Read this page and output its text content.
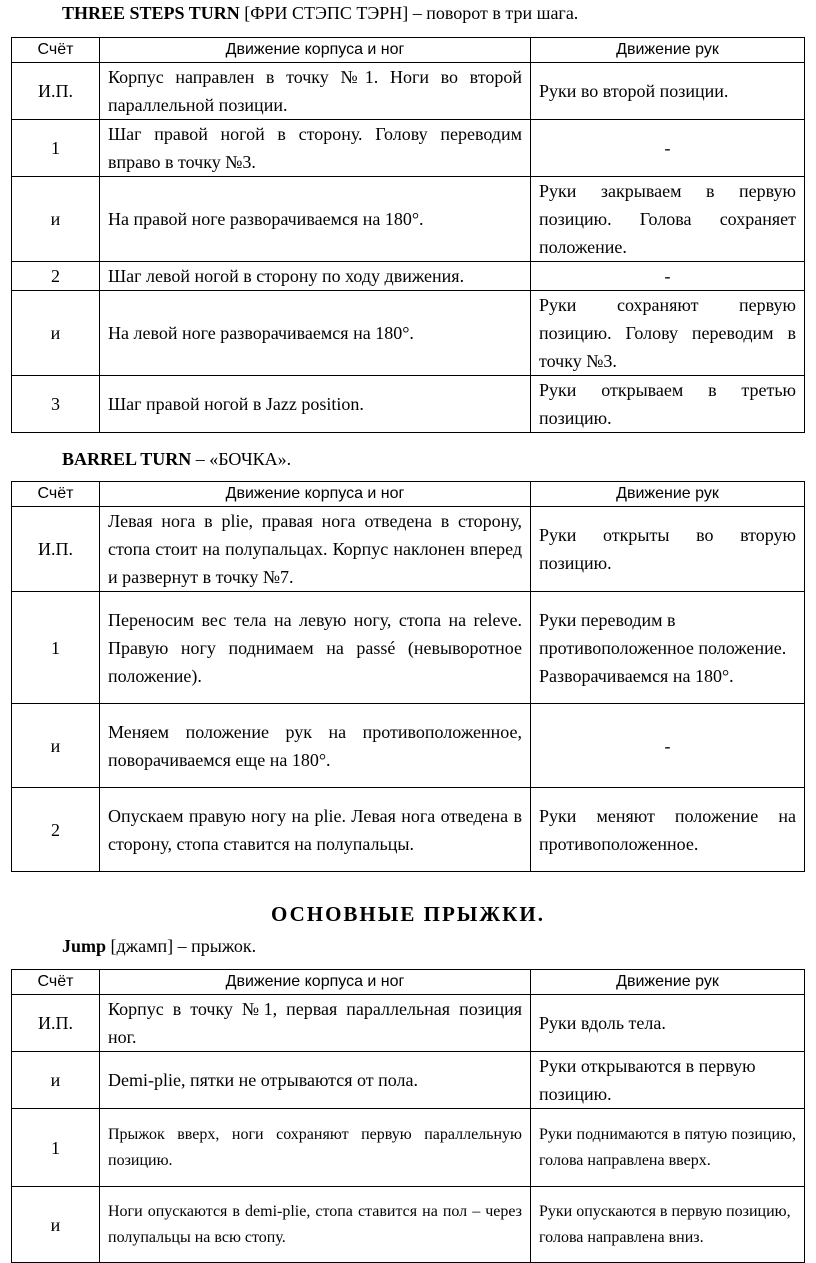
THREE STEPS TURN [ФРИ СТЭПС ТЭРН] – поворот в три шага.
Счёт	Движение корпуса и ног	Движение рук
И.П.	Корпус направлен в точку №1. Ноги во второй параллельной позиции.	Руки во второй позиции.
1	Шаг правой ногой в сторону. Голову переводим вправо в точку №3.	-
и	На правой ноге разворачиваемся на 180°.	Руки закрываем в первую позицию. Голова сохраняет положение.
2	Шаг левой ногой в сторону по ходу движения.	-
и	На левой ноге разворачиваемся на 180°.	Руки сохраняют первую позицию. Голову переводим в точку №3.
3	Шаг правой ногой в Jazz position.	Руки открываем в третью позицию.
BARREL TURN – «БОЧКА».
Счёт	Движение корпуса и ног	Движение рук
И.П.	Левая нога в plie, правая нога отведена в сторону, стопа стоит на полупальцах. Корпус наклонен вперед и развернут в точку №7.	Руки открыты во вторую позицию.
1	Переносим вес тела на левую ногу, стопа на releve. Правую ногу поднимаем на passé (невыворотное положение).	Руки переводим в противоположенное положение. Разворачиваемся на 180°.
и	Меняем положение рук на противоположенное, поворачиваемся еще на 180°.	-
2	Опускаем правую ногу на plie. Левая нога отведена в сторону, стопа ставится на полупальцы.	Руки меняют положение на противоположенное.
ОСНОВНЫЕ ПРЫЖКИ.
Jump [джамп] – прыжок.
Счёт	Движение корпуса и ног	Движение рук
И.П.	Корпус в точку №1, первая параллельная позиция ног.	Руки вдоль тела.
и	Demi-plie, пятки не отрываются от пола.	Руки открываются в первую позицию.
1	Прыжок вверх, ноги сохраняют первую параллельную позицию.	Руки поднимаются в пятую позицию, голова направлена вверх.
и	Ноги опускаются в demi-plie, стопа ставится на пол – через полупальцы на всю стопу.	Руки опускаются в первую позицию, голова направлена вниз.
